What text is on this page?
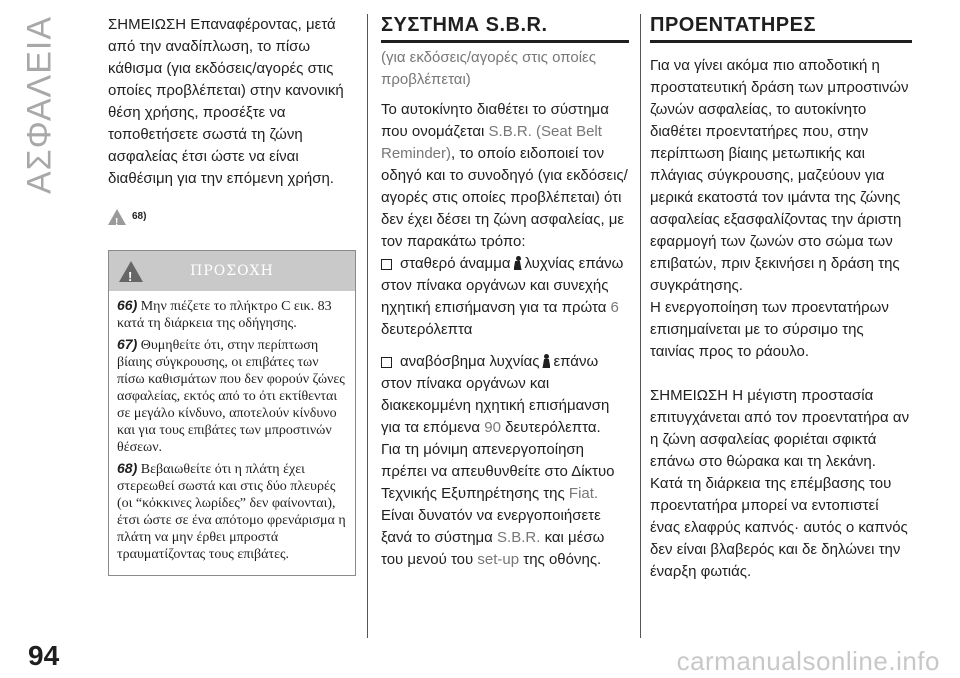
ΑΣΦΑΛΕΙΑ	ΣΗΜΕΙΩΣΗ Επαναφέροντας, μετά από την αναδίπλωση, το πίσω κάθισμα (για εκδόσεις/αγορές στις οποίες προβλέπεται) στην κανονική θέση χρήσης, προσέξτε να τοποθετήσετε σωστά τη ζώνη ασφαλείας έτσι ώστε να είναι διαθέσιμη για την επόμενη χρήση.

!
68)
!
ΠΡΟΣΟΧΗ

66) Μην πιέζετε το πλήκτρο C εικ. 83 κατά τη διάρκεια της οδήγησης.

67) Θυμηθείτε ότι, στην περίπτωση βίαιης σύγκρουσης, οι επιβάτες των πίσω καθισμάτων που δεν φορούν ζώνες ασφαλείας, εκτός από το ότι εκτίθενται σε μεγάλο κίνδυνο, αποτελούν κίνδυνο και για τους επιβάτες των μπροστινών θέσεων.

68) Βεβαιωθείτε ότι η πλάτη έχει στερεωθεί σωστά και στις δύο πλευρές (οι “κόκκινες λωρίδες” δεν φαίνονται), έτσι ώστε σε ένα απότομο φρενάρισμα η πλάτη να μην έρθει μπροστά τραυματίζοντας τους επιβάτες.

ΣΥΣΤΗΜΑ S.B.R.

(για εκδόσεις/αγορές στις οποίες προβλέπεται)

Το αυτοκίνητο διαθέτει το σύστημα που ονομάζεται S.B.R. (Seat Belt Reminder), το οποίο ειδοποιεί τον οδηγό και το συνοδηγό (για εκδόσεις/αγορές στις οποίες προβλέπεται) ότι δεν έχει δέσει τη ζώνη ασφαλείας, με τον παρακάτω τρόπο:

σταθερό άναμμα λυχνίας επάνω στον πίνακα οργάνων και συνεχής ηχητική επισήμανση για τα πρώτα 6 δευτερόλεπτα

αναβόσβημα λυχνίας επάνω στον πίνακα οργάνων και διακεκομμένη ηχητική επισήμανση για τα επόμενα 90 δευτερόλεπτα.

Για τη μόνιμη απενεργοποίηση πρέπει να απευθυνθείτε στο Δίκτυο Τεχνικής Εξυπηρέτησης της Fiat.

Είναι δυνατόν να ενεργοποιήσετε ξανά το σύστημα S.B.R. και μέσω του μενού του set-up της οθόνης.

ΠΡΟΕΝΤΑΤΗΡΕΣ

Για να γίνει ακόμα πιο αποδοτική η προστατευτική δράση των μπροστινών ζωνών ασφαλείας, το αυτοκίνητο διαθέτει προεντατήρες που, στην περίπτωση βίαιης μετωπικής και πλάγιας σύγκρουσης, μαζεύουν για μερικά εκατοστά τον ιμάντα της ζώνης ασφαλείας εξασφαλίζοντας την άριστη εφαρμογή των ζωνών στο σώμα των επιβατών, πριν ξεκινήσει η δράση της συγκράτησης.

Η ενεργοποίηση των προεντατήρων επισημαίνεται με το σύρσιμο της ταινίας προς το ράουλο.

ΣΗΜΕΙΩΣΗ Η μέγιστη προστασία επιτυγχάνεται από τον προεντατήρα αν η ζώνη ασφαλείας φοριέται σφικτά επάνω στο θώρακα και τη λεκάνη.

Κατά τη διάρκεια της επέμβασης του προεντατήρα μπορεί να εντοπιστεί ένας ελαφρύς καπνός· αυτός ο καπνός δεν είναι βλαβερός και δε δηλώνει την έναρξη φωτιάς.

94	carmanualsonline.info
